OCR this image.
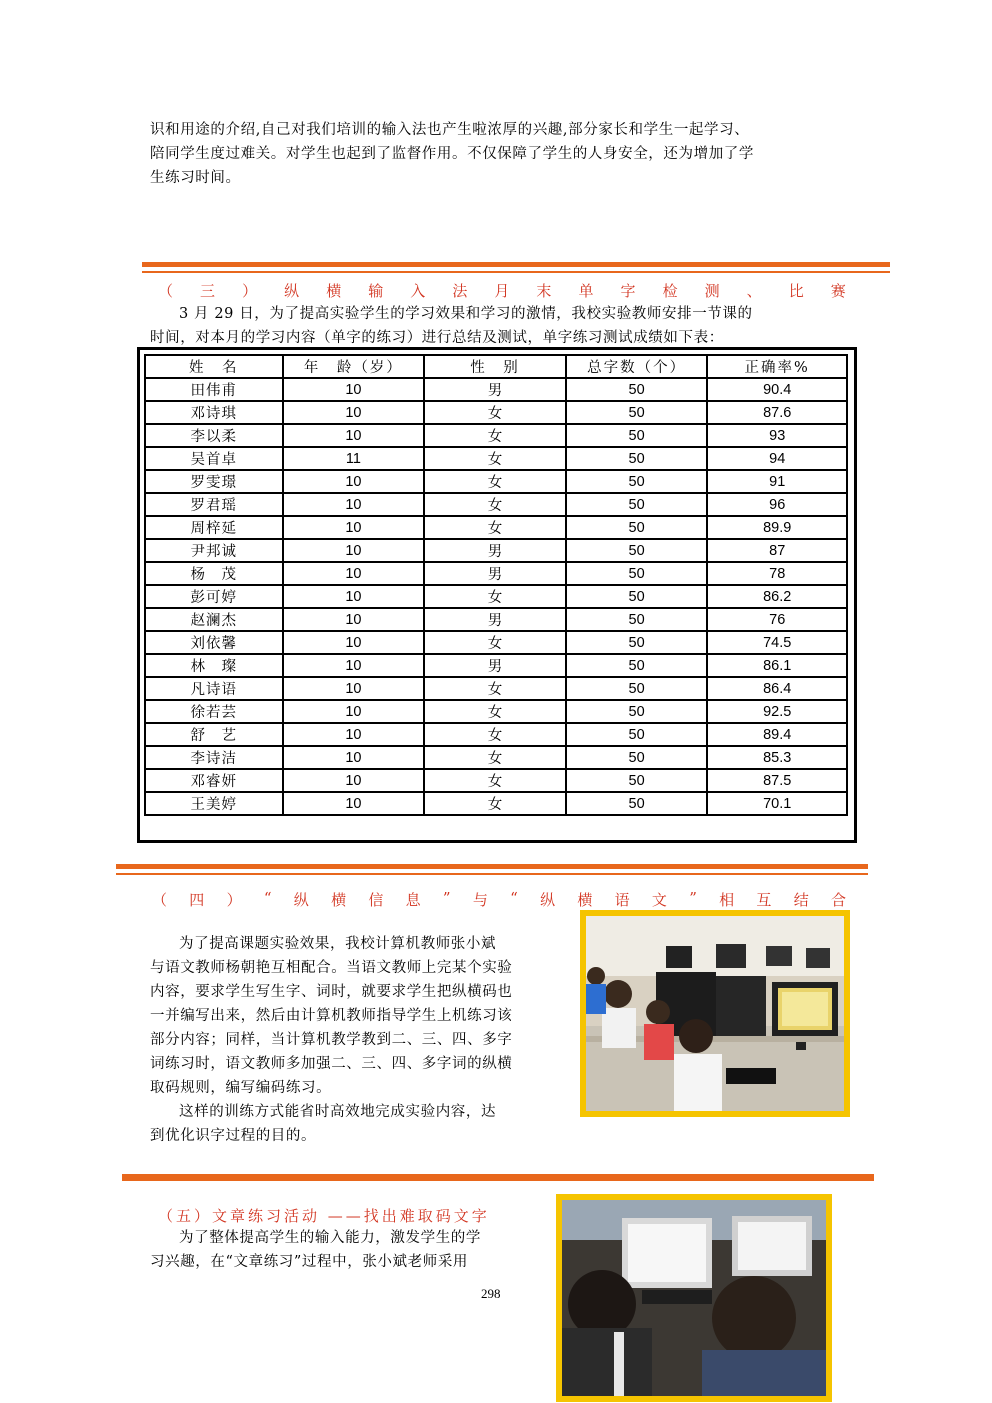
识和用途的介绍,自己对我们培训的输入法也产生啦浓厚的兴趣,部分家长和学生一起学习、

陪同学生度过难关。对学生也起到了监督作用。不仅保障了学生的人身安全，还为增加了学

生练习时间。

（ 三 ） 纵 横 输 入 法 月 末 单 字 检 测 、 比 赛

3 月 29 日，为了提高实验学生的学习效果和学习的激情，我校实验教师安排一节课的

时间，对本月的学习内容（单字的练习）进行总结及测试，单字练习测试成绩如下表：

姓　名	年　龄（岁）	性　别	总字数（个）	正确率%
田伟甫	10	男	50	90.4
邓诗琪	10	女	50	87.6
李以柔	10	女	50	93
吴首卓	11	女	50	94
罗雯璟	10	女	50	91
罗君瑶	10	女	50	96
周梓延	10	女	50	89.9
尹邦诚	10	男	50	87
杨　茂	10	男	50	78
彭可婷	10	女	50	86.2
赵澜杰	10	男	50	76
刘依馨	10	女	50	74.5
林　璨	10	男	50	86.1
凡诗语	10	女	50	86.4
徐若芸	10	女	50	92.5
舒　艺	10	女	50	89.4
李诗洁	10	女	50	85.3
邓睿妍	10	女	50	87.5
王美婷	10	女	50	70.1
（ 四 ） “ 纵 横 信 息 ” 与 “ 纵 横 语 文 ” 相 互 结 合

为了提高课题实验效果，我校计算机教师张小斌

与语文教师杨朝艳互相配合。当语文教师上完某个实验

内容，要求学生写生字、词时，就要求学生把纵横码也

一并编写出来，然后由计算机教师指导学生上机练习该

部分内容；同样，当计算机教学教到二、三、四、多字

词练习时，语文教师多加强二、三、四、多字词的纵横

取码规则，编写编码练习。

这样的训练方式能省时高效地完成实验内容，达

到优化识字过程的目的。

（五）文章练习活动 ——找出难取码文字

为了整体提高学生的输入能力，激发学生的学

习兴趣，在“文章练习”过程中，张小斌老师采用

298
